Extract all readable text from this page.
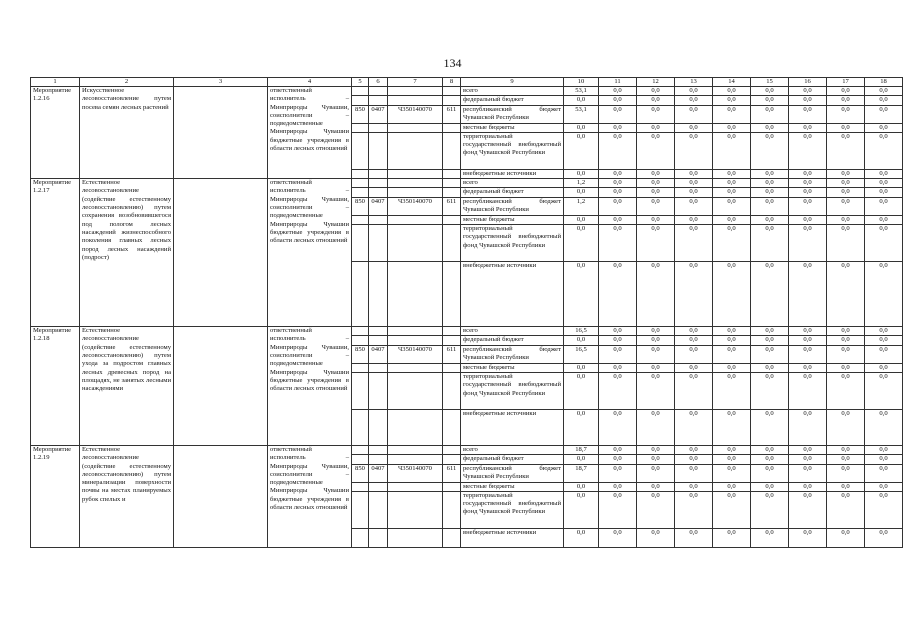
134
1	2	3	4	5	6	7	8	9	10	11	12	13	14	15	16	17	18
Мероприятие 1.2.16	Искусственное лесовосстановление путем посева семян лесных растений		ответственный исполнитель – Минприроды Чувашии, соисполнители – подведомственные Минприроды Чувашии бюджетные учреждения в области лесных отношений					всего	53,1	0,0	0,0	0,0	0,0	0,0	0,0	0,0	0,0
								федеральный бюджет	0,0	0,0	0,0	0,0	0,0	0,0	0,0	0,0	0,0
				850	0407	Ч350140070	611	республиканский бюджет Чувашской Республики	53,1	0,0	0,0	0,0	0,0	0,0	0,0	0,0	0,0
								местные бюджеты	0,0	0,0	0,0	0,0	0,0	0,0	0,0	0,0	0,0
								территориальный государственный внебюджетный фонд Чувашской Республики	0,0	0,0	0,0	0,0	0,0	0,0	0,0	0,0	0,0
								внебюджетные источники	0,0	0,0	0,0	0,0	0,0	0,0	0,0	0,0	0,0
Мероприятие 1.2.17	Естественное лесовосстановление (содействие естественному лесовосстановлению) путем сохранения возобновившегося под пологом лесных насаждений жизнеспособного поколения главных лесных пород лесных насаждений (подрост)		ответственный исполнитель – Минприроды Чувашии, соисполнители – подведомственные Минприроды Чувашии бюджетные учреждения в области лесных отношений					всего	1,2	0,0	0,0	0,0	0,0	0,0	0,0	0,0	0,0
								федеральный бюджет	0,0	0,0	0,0	0,0	0,0	0,0	0,0	0,0	0,0
				850	0407	Ч350140070	611	республиканский бюджет Чувашской Республики	1,2	0,0	0,0	0,0	0,0	0,0	0,0	0,0	0,0
								местные бюджеты	0,0	0,0	0,0	0,0	0,0	0,0	0,0	0,0	0,0
								территориальный государственный внебюджетный фонд Чувашской Республики	0,0	0,0	0,0	0,0	0,0	0,0	0,0	0,0	0,0
								внебюджетные источники	0,0	0,0	0,0	0,0	0,0	0,0	0,0	0,0	0,0
Мероприятие 1.2.18	Естественное лесовосстановление (содействие естественному лесовосстановлению) путем ухода за подростом главных лесных древесных пород на площадях, не занятых лесными насаждениями		ответственный исполнитель – Минприроды Чувашии, соисполнители – подведомственные Минприроды Чувашии бюджетные учреждения в области лесных отношений					всего	16,5	0,0	0,0	0,0	0,0	0,0	0,0	0,0	0,0
								федеральный бюджет	0,0	0,0	0,0	0,0	0,0	0,0	0,0	0,0	0,0
				850	0407	Ч350140070	611	республиканский бюджет Чувашской Республики	16,5	0,0	0,0	0,0	0,0	0,0	0,0	0,0	0,0
								местные бюджеты	0,0	0,0	0,0	0,0	0,0	0,0	0,0	0,0	0,0
								территориальный государственный внебюджетный фонд Чувашской Республики	0,0	0,0	0,0	0,0	0,0	0,0	0,0	0,0	0,0
								внебюджетные источники	0,0	0,0	0,0	0,0	0,0	0,0	0,0	0,0	0,0
Мероприятие 1.2.19	Естественное лесовосстановление (содействие естественному лесовосстановлению) путем минерализации поверхности почвы на местах планируемых рубок спелых и		ответственный исполнитель – Минприроды Чувашии, соисполнители – подведомственные Минприроды Чувашии бюджетные учреждения в области лесных отношений					всего	18,7	0,0	0,0	0,0	0,0	0,0	0,0	0,0	0,0
								федеральный бюджет	0,0	0,0	0,0	0,0	0,0	0,0	0,0	0,0	0,0
				850	0407	Ч350140070	611	республиканский бюджет Чувашской Республики	18,7	0,0	0,0	0,0	0,0	0,0	0,0	0,0	0,0
								местные бюджеты	0,0	0,0	0,0	0,0	0,0	0,0	0,0	0,0	0,0
								территориальный государственный внебюджетный фонд Чувашской Республики	0,0	0,0	0,0	0,0	0,0	0,0	0,0	0,0	0,0
								внебюджетные источники	0,0	0,0	0,0	0,0	0,0	0,0	0,0	0,0	0,0
